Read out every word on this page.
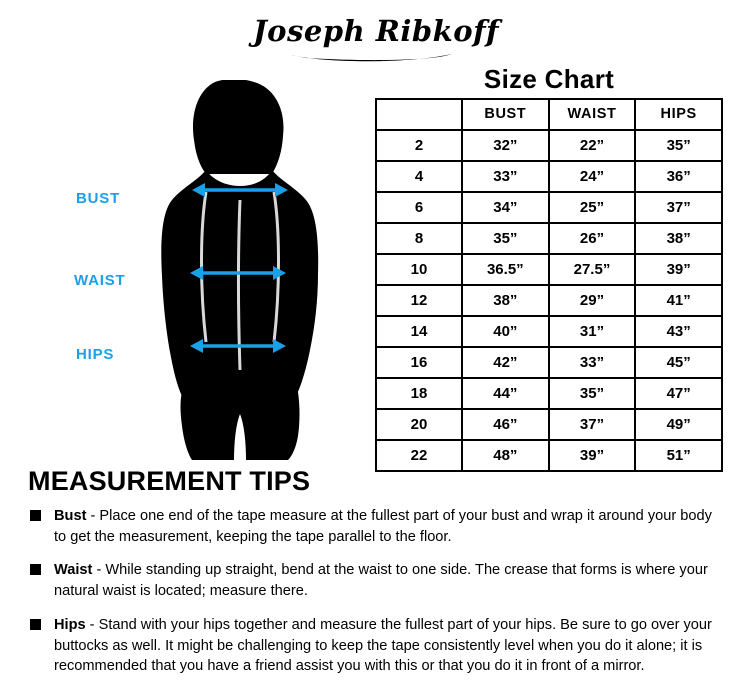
Joseph Ribkoff
Size Chart
	BUST	WAIST	HIPS
2	32”	22”	35”
4	33”	24”	36”
6	34”	25”	37”
8	35”	26”	38”
10	36.5”	27.5”	39”
12	38”	29”	41”
14	40”	31”	43”
16	42”	33”	45”
18	44”	35”	47”
20	46”	37”	49”
22	48”	39”	51”
BUST
WAIST
HIPS
MEASUREMENT TIPS
Bust - Place one end of the tape measure at the fullest part of your bust and wrap it around your body to get the measurement, keeping the tape parallel to the floor.
Waist - While standing up straight, bend at the waist to one side. The crease that forms is where your natural waist is located; measure there.
Hips - Stand with your hips together and measure the fullest part of your hips. Be sure to go over your buttocks as well. It might be challenging to keep the tape consistently level when you do it alone; it is recommended that you have a friend assist you with this or that you do it in front of a mirror.
